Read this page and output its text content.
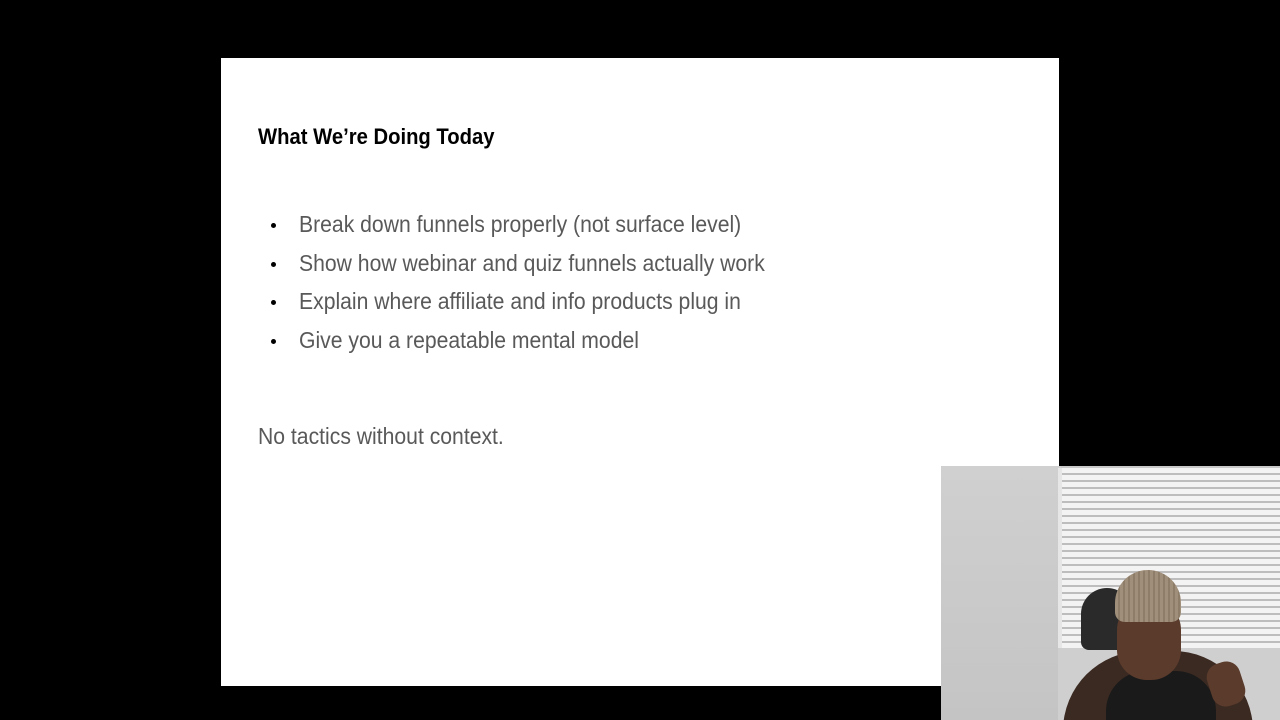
What We’re Doing Today
Break down funnels properly (not surface level)
Show how webinar and quiz funnels actually work
Explain where affiliate and info products plug in
Give you a repeatable mental model

No tactics without context.
